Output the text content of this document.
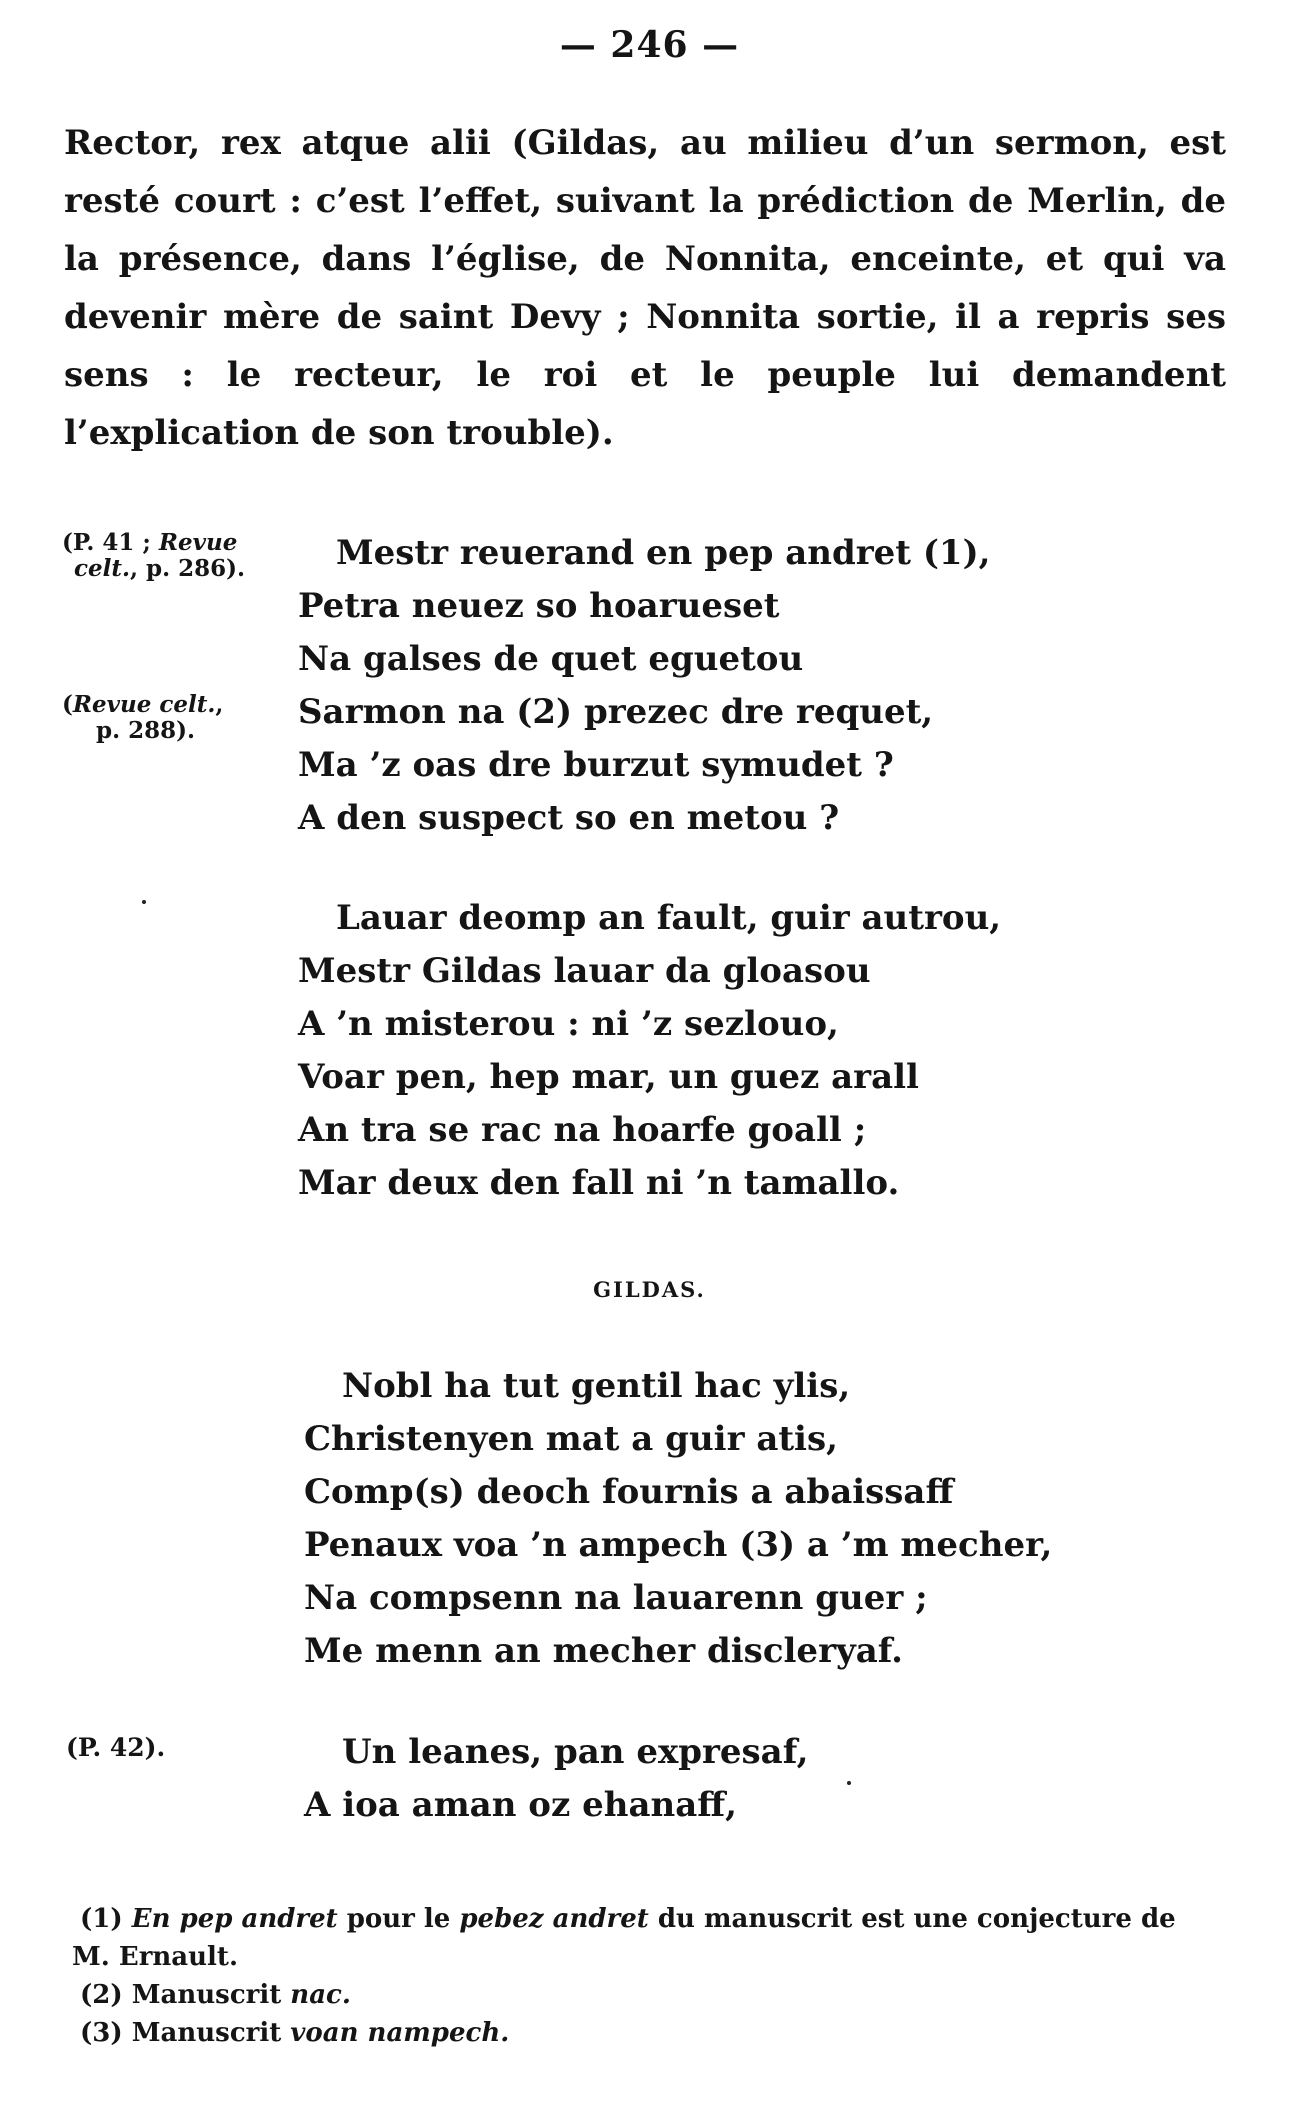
— 246 —

Rector, rex atque alii (Gildas, au milieu d’un sermon, est resté court : c’est l’effet, suivant la prédiction de Merlin, de la présence, dans l’église, de Nonnita, enceinte, et qui va devenir mère de saint Devy ; Nonnita sortie, il a repris ses sens : le recteur, le roi et le peuple lui demandent l’explication de son trouble).

(P. 41 ; Revue
celt., p. 286).
(Revue celt.,
p. 288).
Mestr reuerand en pep andret (1),
Petra neuez so hoarueset
Na galses de quet eguetou
Sarmon na (2) prezec dre requet,
Ma ’z oas dre burzut symudet ?
A den suspect so en metou ?
Lauar deomp an fault, guir autrou,
Mestr Gildas lauar da gloasou
A ’n misterou : ni ’z sezlouo,
Voar pen, hep mar, un guez arall
An tra se rac na hoarfe goall ;
Mar deux den fall ni ’n tamallo.
GILDAS.
Nobl ha tut gentil hac ylis,
Christenyen mat a guir atis,
Comp(s) deoch fournis a abaissaff
Penaux voa ’n ampech (3) a ’m mecher,
Na compsenn na lauarenn guer ;
Me menn an mecher discleryaf.
(P. 42).	Un leanes, pan expresaf,
A ioa aman oz ehanaff,
(1) En pep andret pour le pebez andret du manuscrit est une conjecture de
M. Ernault.
(2) Manuscrit nac.
(3) Manuscrit voan nampech.
